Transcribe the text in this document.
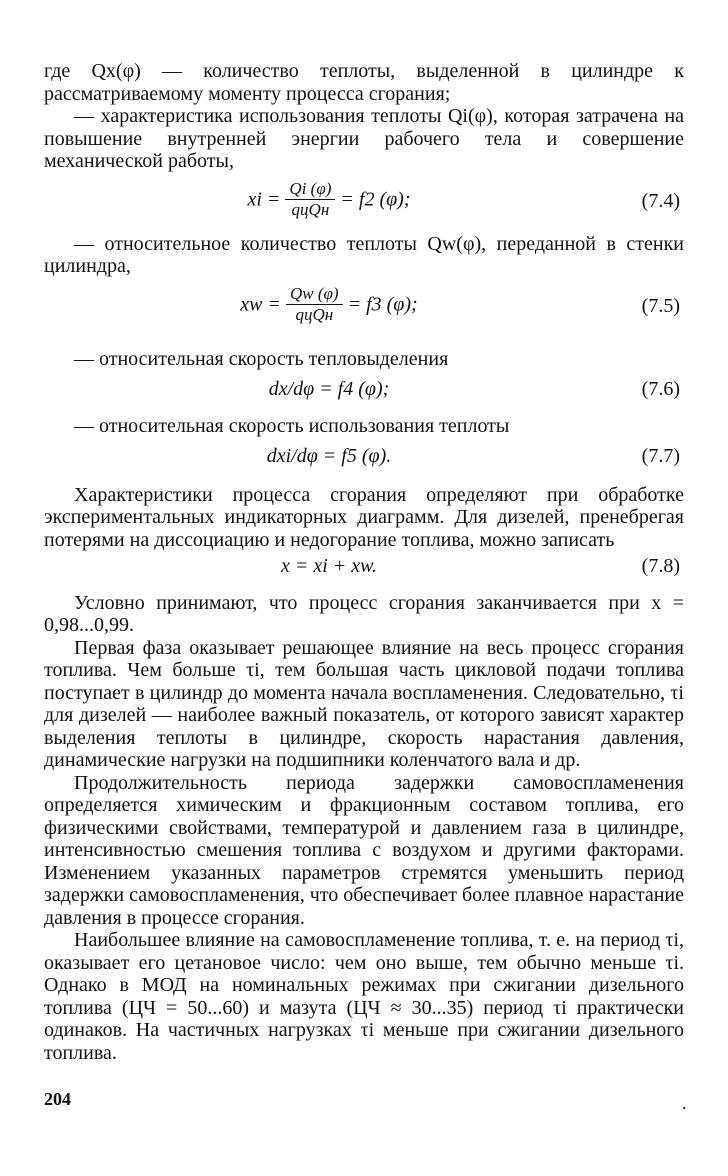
где Qx(φ) — количество теплоты, выделенной в цилиндре к рассматриваемому моменту процесса сгорания;

— характеристика использования теплоты Qi(φ), которая затрачена на повышение внутренней энергии рабочего тела и совершение механической работы,

xi = $\frac{Qi (\varphi)}{\text{qцQн}} = f2$ (φ);	(7.4)

— относительное количество теплоты Qw(φ), переданной в стенки цилиндра,

xw = $\frac{Qw (\varphi)}{\text{qцQн}} = f3$ (φ);	(7.5)

— относительная скорость тепловыделения

dx/dφ = f4 (φ);	(7.6)

— относительная скорость использования теплоты

dxi/dφ = f5 (φ).	(7.7)

Характеристики процесса сгорания определяют при обработке экспериментальных индикаторных диаграмм. Для дизелей, пренебрегая потерями на диссоциацию и недогорание топлива, можно записать

x = xi + xw.	(7.8)

Условно принимают, что процесс сгорания заканчивается при x = 0,98...0,99.

Первая фаза оказывает решающее влияние на весь процесс сгорания топлива. Чем больше τi, тем большая часть цикловой подачи топлива поступает в цилиндр до момента начала воспламенения. Следовательно, τi для дизелей — наиболее важный показатель, от которого зависят характер выделения теплоты в цилиндре, скорость нарастания давления, динамические нагрузки на подшипники коленчатого вала и др.

Продолжительность периода задержки самовоспламенения определяется химическим и фракционным составом топлива, его физическими свойствами, температурой и давлением газа в цилиндре, интенсивностью смешения топлива с воздухом и другими факторами. Изменением указанных параметров стремятся уменьшить период задержки самовоспламенения, что обеспечивает более плавное нарастание давления в процессе сгорания.

Наибольшее влияние на самовоспламенение топлива, т. е. на период τi, оказывает его цетановое число: чем оно выше, тем обычно меньше τi. Однако в МОД на номинальных режимах при сжигании дизельного топлива (ЦЧ = 50...60) и мазута (ЦЧ ≈ 30...35) период τi практически одинаков. На частичных нагрузках τi меньше при сжигании дизельного топлива.

204	.
